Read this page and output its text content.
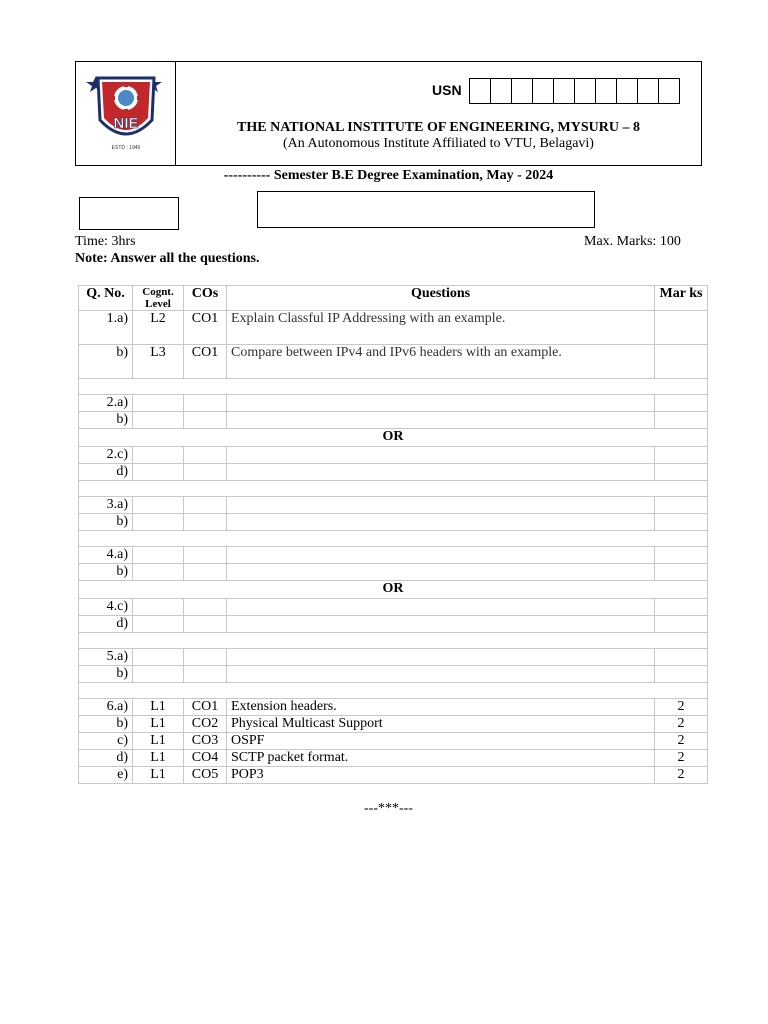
NIE
ESTD : 1946
USN
THE NATIONAL INSTITUTE OF ENGINEERING, MYSURU – 8
(An Autonomous Institute Affiliated to VTU, Belagavi)
---------- Semester B.E Degree Examination, May - 2024
Time: 3hrs	Max. Marks: 100
Note: Answer all the questions.
Q. No.	Cognt. Level	COs	Questions	Mar ks
1.a)	L2	CO1	Explain Classful IP Addressing with an example.	
b)	L3	CO1	Compare between IPv4 and IPv6 headers with an example.	

2.a)				
b)				
OR				
2.c)				
d)				

3.a)				
b)				

4.a)				
b)				
OR				
4.c)				
d)				

5.a)				
b)				

6.a)	L1	CO1	Extension headers.	2
b)	L1	CO2	Physical Multicast Support	2
c)	L1	CO3	OSPF	2
d)	L1	CO4	SCTP packet format.	2
e)	L1	CO5	POP3	2
---***---
